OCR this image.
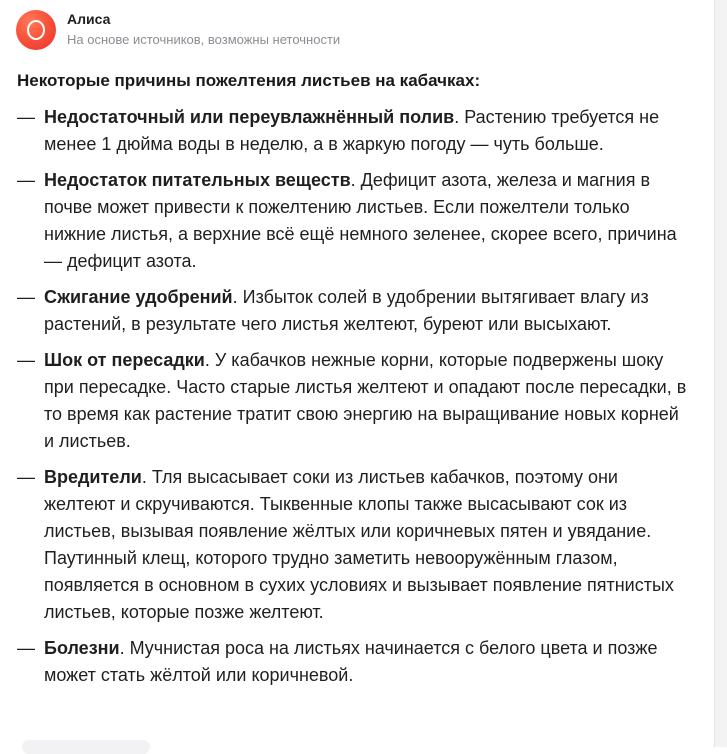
Алиса
На основе источников, возможны неточности
Некоторые причины пожелтения листьев на кабачках:
— Недостаточный или переувлажнённый полив. Растению требуется не менее 1 дюйма воды в неделю, а в жаркую погоду — чуть больше.
— Недостаток питательных веществ. Дефицит азота, железа и магния в почве может привести к пожелтению листьев. Если пожелтели только нижние листья, а верхние всё ещё немного зеленее, скорее всего, причина — дефицит азота.
— Сжигание удобрений. Избыток солей в удобрении вытягивает влагу из растений, в результате чего листья желтеют, буреют или высыхают.
— Шок от пересадки. У кабачков нежные корни, которые подвержены шоку при пересадке. Часто старые листья желтеют и опадают после пересадки, в то время как растение тратит свою энергию на выращивание новых корней и листьев.
— Вредители. Тля высасывает соки из листьев кабачков, поэтому они желтеют и скручиваются. Тыквенные клопы также высасывают сок из листьев, вызывая появление жёлтых или коричневых пятен и увядание. Паутинный клещ, которого трудно заметить невооружённым глазом, появляется в основном в сухих условиях и вызывает появление пятнистых листьев, которые позже желтеют.
— Болезни. Мучнистая роса на листьях начинается с белого цвета и позже может стать жёлтой или коричневой.
